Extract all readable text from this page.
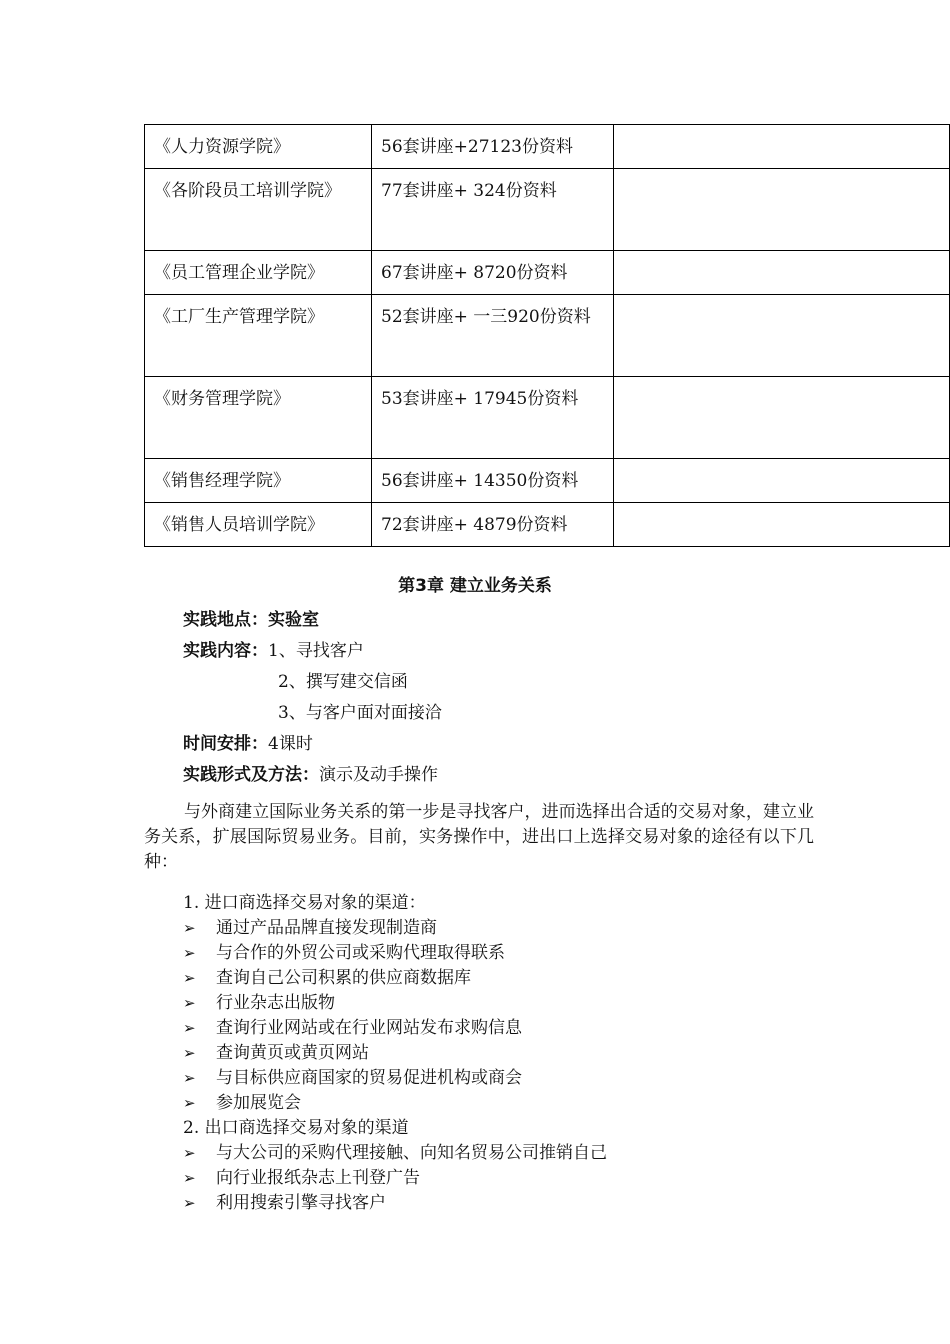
《人力资源学院》	56套讲座+27123份资料	
《各阶段员工培训学院》	77套讲座+ 324份资料	
《员工管理企业学院》	67套讲座+ 8720份资料	
《工厂生产管理学院》	52套讲座+ 一三920份资料	
《财务管理学院》	53套讲座+ 17945份资料	
《销售经理学院》	56套讲座+ 14350份资料	
《销售人员培训学院》	72套讲座+ 4879份资料	
第3章 建立业务关系
实践地点：实验室
实践内容：1、寻找客户
2、撰写建交信函
3、与客户面对面接洽
时间安排：4课时
实践形式及方法：演示及动手操作
与外商建立国际业务关系的第一步是寻找客户，进而选择出合适的交易对象，建立业务关系，扩展国际贸易业务。目前，实务操作中，进出口上选择交易对象的途径有以下几种：
1. 进口商选择交易对象的渠道：
➢ 通过产品品牌直接发现制造商
➢ 与合作的外贸公司或采购代理取得联系
➢ 查询自己公司积累的供应商数据库
➢ 行业杂志出版物
➢ 查询行业网站或在行业网站发布求购信息
➢ 查询黄页或黄页网站
➢ 与目标供应商国家的贸易促进机构或商会
➢ 参加展览会
2. 出口商选择交易对象的渠道
➢ 与大公司的采购代理接触、向知名贸易公司推销自己
➢ 向行业报纸杂志上刊登广告
➢ 利用搜索引擎寻找客户
